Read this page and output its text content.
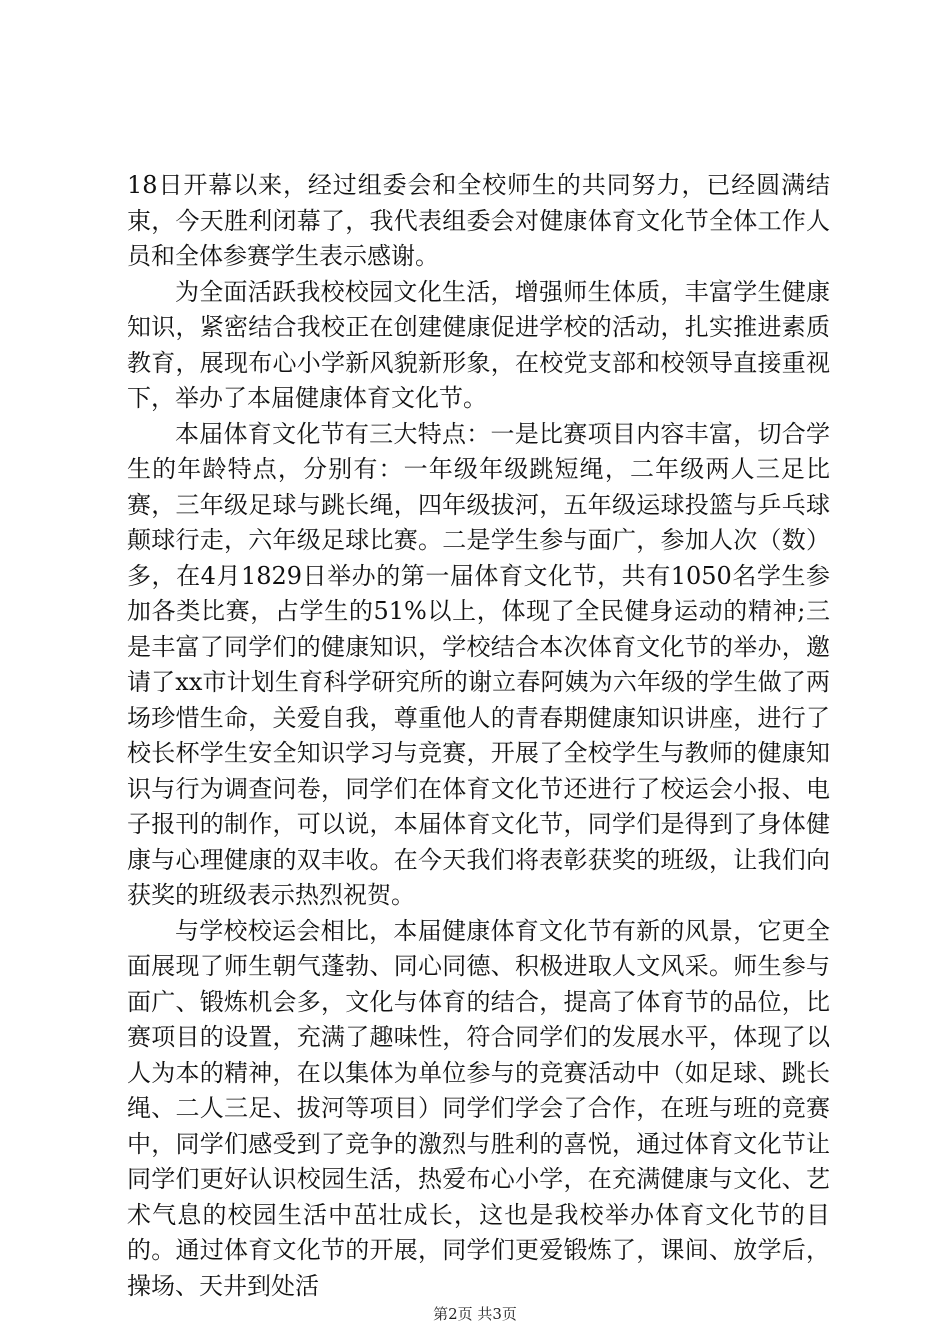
18日开幕以来，经过组委会和全校师生的共同努力，已经圆满结束，今天胜利闭幕了，我代表组委会对健康体育文化节全体工作人员和全体参赛学生表示感谢。

为全面活跃我校校园文化生活，增强师生体质，丰富学生健康知识，紧密结合我校正在创建健康促进学校的活动，扎实推进素质教育，展现布心小学新风貌新形象，在校党支部和校领导直接重视下，举办了本届健康体育文化节。

本届体育文化节有三大特点：一是比赛项目内容丰富，切合学生的年龄特点，分别有：一年级年级跳短绳，二年级两人三足比赛，三年级足球与跳长绳，四年级拔河，五年级运球投篮与乒乓球颠球行走，六年级足球比赛。二是学生参与面广，参加人次（数）多，在4月1829日举办的第一届体育文化节，共有1050名学生参加各类比赛，占学生的51%以上，体现了全民健身运动的精神;三是丰富了同学们的健康知识，学校结合本次体育文化节的举办，邀请了xx市计划生育科学研究所的谢立春阿姨为六年级的学生做了两场珍惜生命，关爱自我，尊重他人的青春期健康知识讲座，进行了校长杯学生安全知识学习与竞赛，开展了全校学生与教师的健康知识与行为调查问卷，同学们在体育文化节还进行了校运会小报、电子报刊的制作，可以说，本届体育文化节，同学们是得到了身体健康与心理健康的双丰收。在今天我们将表彰获奖的班级，让我们向获奖的班级表示热烈祝贺。

与学校校运会相比，本届健康体育文化节有新的风景，它更全面展现了师生朝气蓬勃、同心同德、积极进取人文风采。师生参与面广、锻炼机会多，文化与体育的结合，提高了体育节的品位，比赛项目的设置，充满了趣味性，符合同学们的发展水平，体现了以人为本的精神，在以集体为单位参与的竞赛活动中（如足球、跳长绳、二人三足、拔河等项目）同学们学会了合作，在班与班的竞赛中，同学们感受到了竞争的激烈与胜利的喜悦，通过体育文化节让同学们更好认识校园生活，热爱布心小学，在充满健康与文化、艺术气息的校园生活中茁壮成长，这也是我校举办体育文化节的目的。通过体育文化节的开展，同学们更爱锻炼了，课间、放学后，操场、天井到处活

第2页 共3页
